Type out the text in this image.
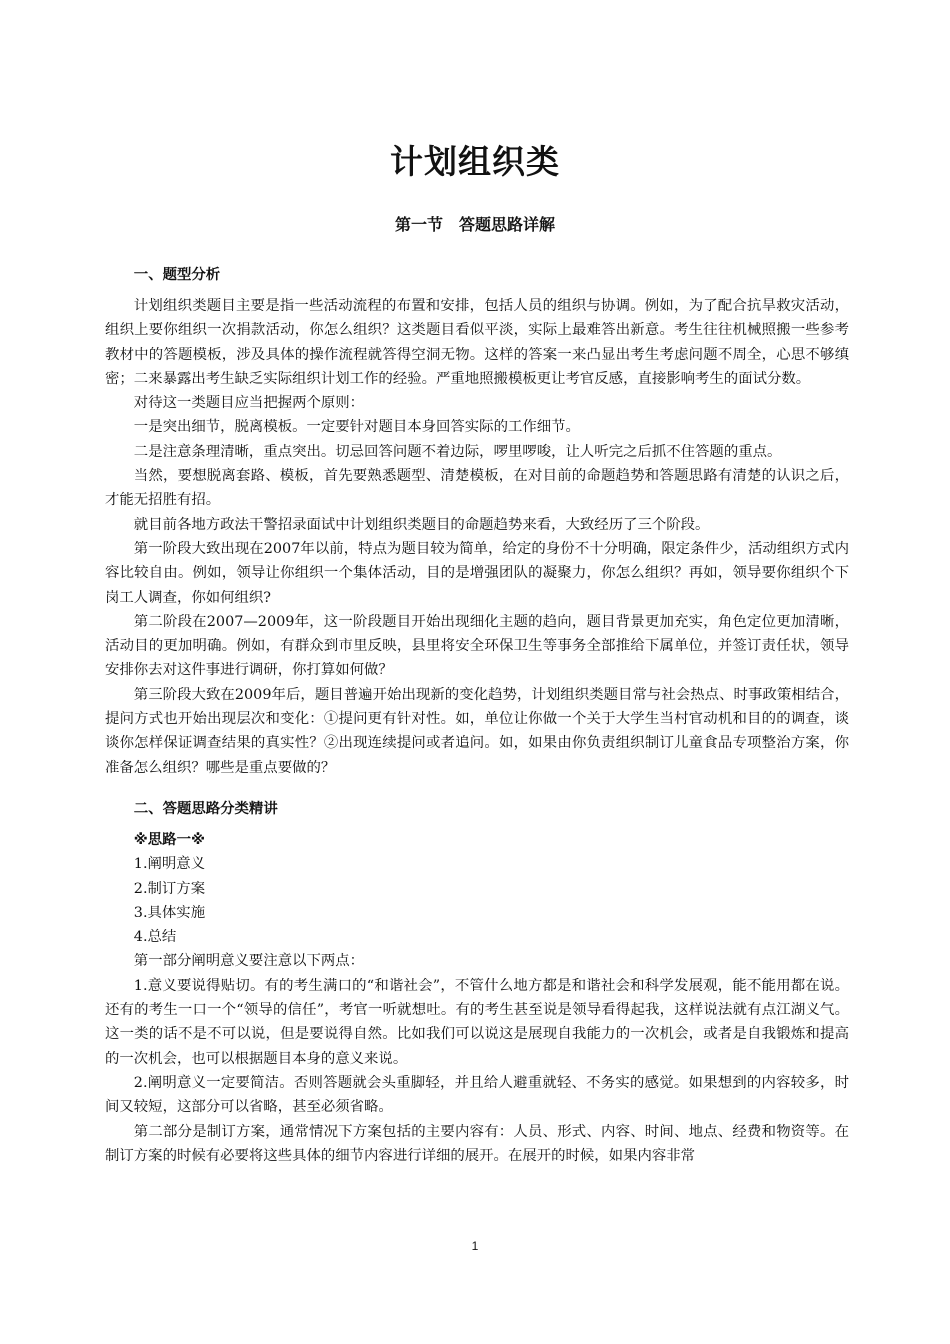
计划组织类
第一节　答题思路详解
一、题型分析

计划组织类题目主要是指一些活动流程的布置和安排，包括人员的组织与协调。例如，为了配合抗旱救灾活动，组织上要你组织一次捐款活动，你怎么组织？这类题目看似平淡，实际上最难答出新意。考生往往机械照搬一些参考教材中的答题模板，涉及具体的操作流程就答得空洞无物。这样的答案一来凸显出考生考虑问题不周全，心思不够缜密；二来暴露出考生缺乏实际组织计划工作的经验。严重地照搬模板更让考官反感，直接影响考生的面试分数。

对待这一类题目应当把握两个原则：

一是突出细节，脱离模板。一定要针对题目本身回答实际的工作细节。

二是注意条理清晰，重点突出。切忌回答问题不着边际，啰里啰唆，让人听完之后抓不住答题的重点。

当然，要想脱离套路、模板，首先要熟悉题型、清楚模板，在对目前的命题趋势和答题思路有清楚的认识之后，才能无招胜有招。

就目前各地方政法干警招录面试中计划组织类题目的命题趋势来看，大致经历了三个阶段。

第一阶段大致出现在2007年以前，特点为题目较为简单，给定的身份不十分明确，限定条件少，活动组织方式内容比较自由。例如，领导让你组织一个集体活动，目的是增强团队的凝聚力，你怎么组织？再如，领导要你组织个下岗工人调查，你如何组织?

第二阶段在2007—2009年，这一阶段题目开始出现细化主题的趋向，题目背景更加充实，角色定位更加清晰，活动目的更加明确。例如，有群众到市里反映，县里将安全环保卫生等事务全部推给下属单位，并签订责任状，领导安排你去对这件事进行调研，你打算如何做？

第三阶段大致在2009年后，题目普遍开始出现新的变化趋势，计划组织类题目常与社会热点、时事政策相结合，提问方式也开始出现层次和变化：①提问更有针对性。如，单位让你做一个关于大学生当村官动机和目的的调查，谈谈你怎样保证调查结果的真实性？②出现连续提问或者追问。如，如果由你负责组织制订儿童食品专项整治方案，你准备怎么组织？哪些是重点要做的？

二、答题思路分类精讲

※思路一※

1.阐明意义

2.制订方案

3.具体实施

4.总结

第一部分阐明意义要注意以下两点：

1.意义要说得贴切。有的考生满口的“和谐社会”，不管什么地方都是和谐社会和科学发展观，能不能用都在说。还有的考生一口一个“领导的信任”，考官一听就想吐。有的考生甚至说是领导看得起我，这样说法就有点江湖义气。这一类的话不是不可以说，但是要说得自然。比如我们可以说这是展现自我能力的一次机会，或者是自我锻炼和提高的一次机会，也可以根据题目本身的意义来说。

2.阐明意义一定要简洁。否则答题就会头重脚轻，并且给人避重就轻、不务实的感觉。如果想到的内容较多，时间又较短，这部分可以省略，甚至必须省略。

第二部分是制订方案，通常情况下方案包括的主要内容有：人员、形式、内容、时间、地点、经费和物资等。在制订方案的时候有必要将这些具体的细节内容进行详细的展开。在展开的时候，如果内容非常

1
